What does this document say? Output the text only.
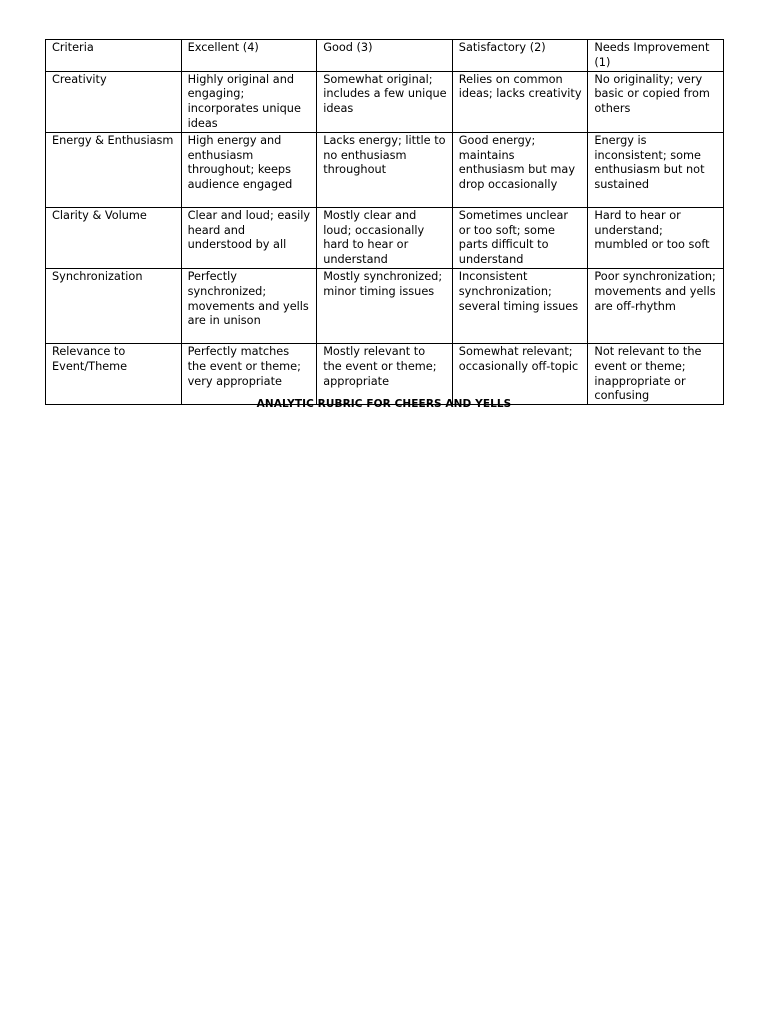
Criteria	Excellent (4)	Good (3)	Satisfactory (2)	Needs Improvement (1)
Creativity	Highly original and engaging; incorporates unique ideas	Somewhat original; includes a few unique ideas	Relies on common ideas; lacks creativity	No originality; very basic or copied from others
Energy & Enthusiasm	High energy and enthusiasm throughout; keeps audience engaged	Lacks energy; little to no enthusiasm throughout	Good energy; maintains enthusiasm but may drop occasionally	Energy is inconsistent; some enthusiasm but not sustained
Clarity & Volume	Clear and loud; easily heard and understood by all	Mostly clear and loud; occasionally hard to hear or understand	Sometimes unclear or too soft; some parts difficult to understand	Hard to hear or understand; mumbled or too soft
Synchronization	Perfectly synchronized; movements and yells are in unison	Mostly synchronized; minor timing issues	Inconsistent synchronization; several timing issues	Poor synchronization; movements and yells are off-rhythm
Relevance to Event/Theme	Perfectly matches the event or theme; very appropriate	Mostly relevant to the event or theme; appropriate	Somewhat relevant; occasionally off-topic	Not relevant to the event or theme; inappropriate or confusing
ANALYTIC RUBRIC FOR CHEERS AND YELLS
